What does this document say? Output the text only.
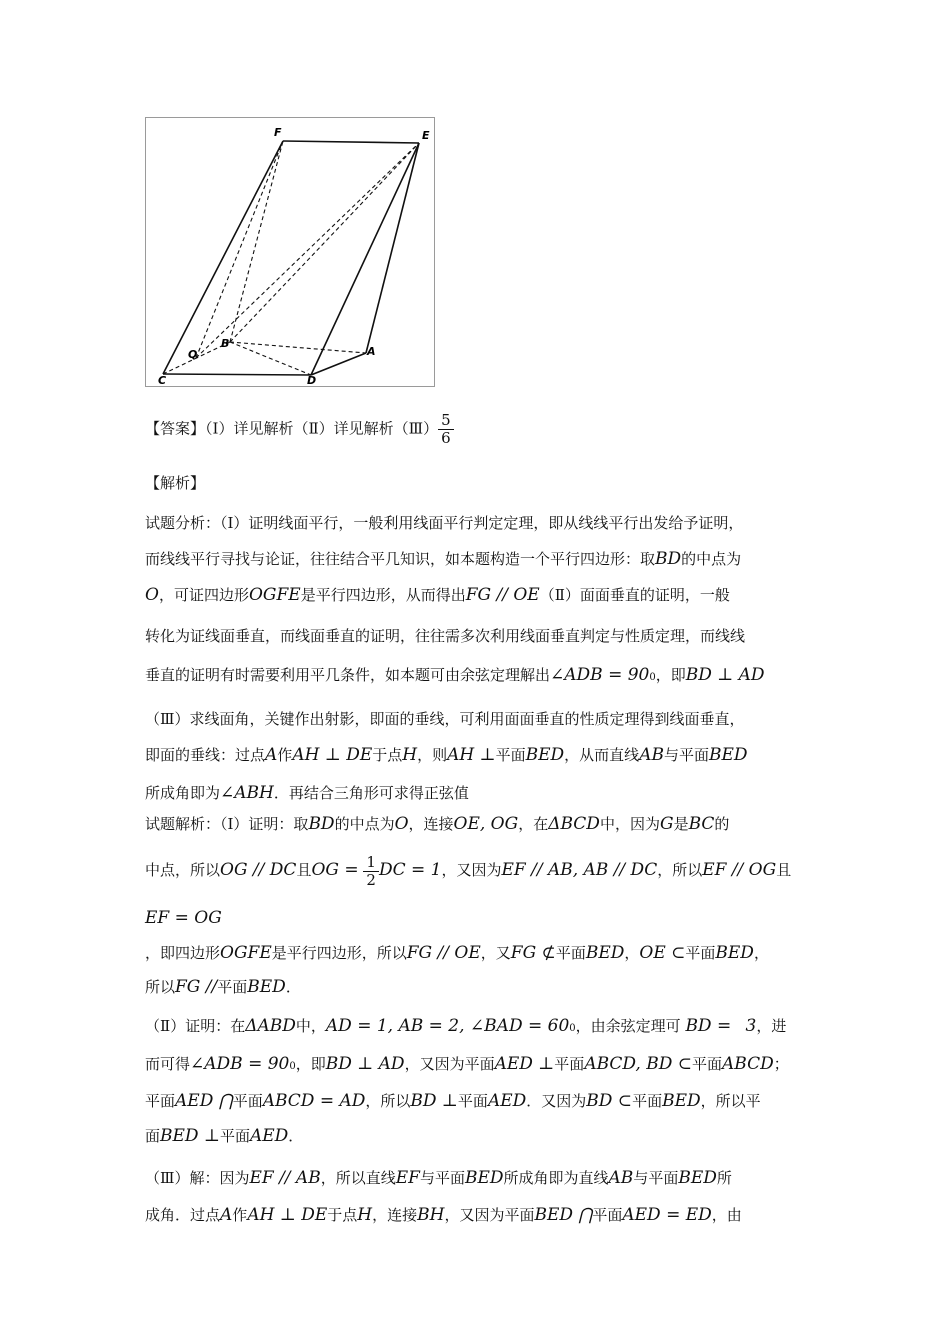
F	E
Q
B
A
C	D
【答案】（Ⅰ）详见解析（Ⅱ）详见解析（Ⅲ） $\frac{5}{6}$
【解析】
试题分析：（Ⅰ）证明线面平行，一般利用线面平行判定定理，即从线线平行出发给予证明，
而线线平行寻找与论证，往往结合平几知识，如本题构造一个平行四边形：取BD的中点为
O，可证四边形OGFE是平行四边形，从而得出FG // OE（Ⅱ）面面垂直的证明，一般
转化为证线面垂直，而线面垂直的证明，往往需多次利用线面垂直判定与性质定理，而线线
垂直的证明有时需要利用平几条件，如本题可由余弦定理解出∠ADB = 900，即BD ⊥ AD
（Ⅲ）求线面角，关键作出射影，即面的垂线，可利用面面垂直的性质定理得到线面垂直，
即面的垂线：过点A作AH ⊥ DE于点H，则AH ⊥平面BED，从而直线AB与平面BED
所成角即为∠ABH．再结合三角形可求得正弦值
试题解析：（Ⅰ）证明：取BD的中点为O，连接OE, OG，在ΔBCD中，因为G是BC的
中点，所以OG // DC且OG = $\frac{1}{2}$ DC = 1，又因为EF // AB, AB // DC，所以EF // OG且
EF = OG
，即四边形OGFE是平行四边形，所以FG // OE，又FG ⊄平面BED，OE ⊂平面BED，
所以FG //平面BED．
（Ⅱ）证明：在ΔABD中，AD = 1, AB = 2, ∠BAD = 600，由余弦定理可 BD = 3，进
而可得∠ADB = 900，即BD ⊥ AD，又因为平面AED ⊥平面ABCD, BD ⊂平面ABCD；
平面AED ⋂平面ABCD = AD，所以BD ⊥平面AED．又因为BD ⊂平面BED，所以平
面BED ⊥平面AED．
（Ⅲ）解：因为EF // AB，所以直线EF与平面BED所成角即为直线AB与平面BED所
成角．过点A作AH ⊥ DE于点H，连接BH，又因为平面BED ⋂平面AED = ED，由
